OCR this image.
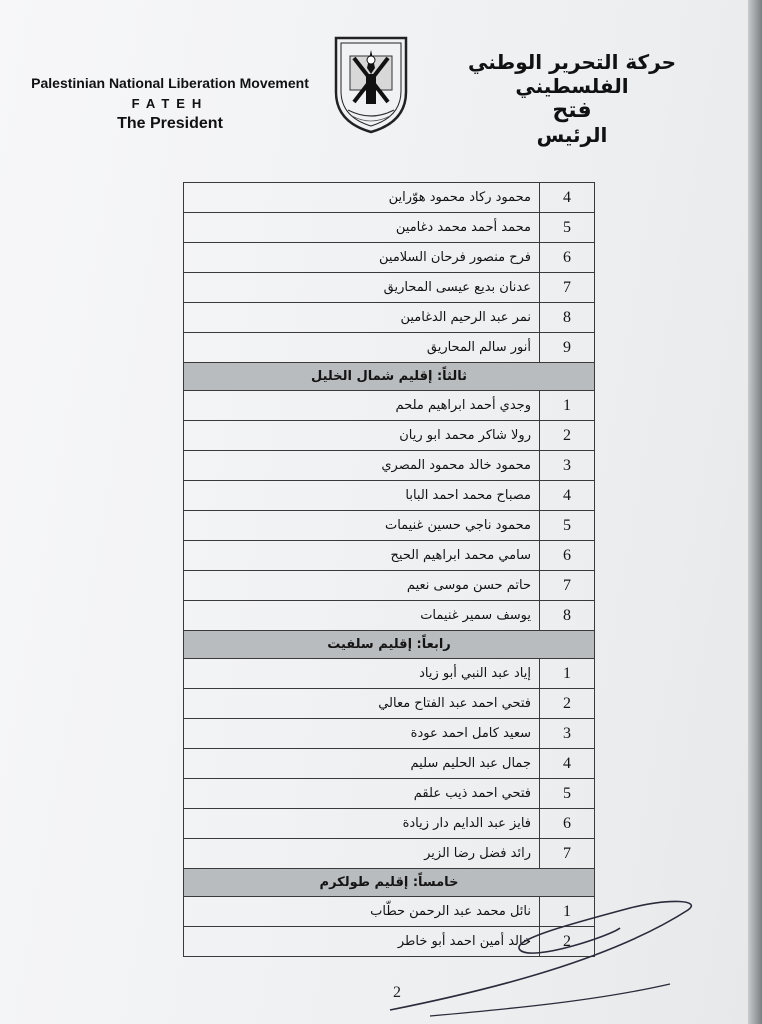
Palestinian National Liberation Movement
FATEH
The President
حركة التحرير الوطني الفلسطيني
فتح
الرئيس
4	محمود ركاد محمود هوّراين
5	محمد أحمد محمد دغامين
6	فرح منصور فرحان السلامين
7	عدنان بديع عيسى المحاريق
8	نمر عبد الرحيم الدغامين
9	أنور سالم المحاريق
ثالثاً: إقليم شمال الخليل	
1	وجدي أحمد ابراهيم ملحم
2	رولا شاكر محمد ابو ريان
3	محمود خالد محمود المصري
4	مصباح محمد احمد البابا
5	محمود ناجي حسين غنيمات
6	سامي محمد ابراهيم الحيح
7	حاتم حسن موسى نعيم
8	يوسف سمير غنيمات
رابعاً: إقليم سلفيت	
1	إياد عبد النبي أبو زياد
2	فتحي احمد عبد الفتاح معالي
3	سعيد كامل احمد عودة
4	جمال عبد الحليم سليم
5	فتحي احمد ذيب علقم
6	فايز عبد الدايم دار زيادة
7	رائد فضل رضا الزير
خامساً: إقليم طولكرم	
1	نائل محمد عبد الرحمن حطّاب
2	خالد أمين احمد أبو خاطر
2
